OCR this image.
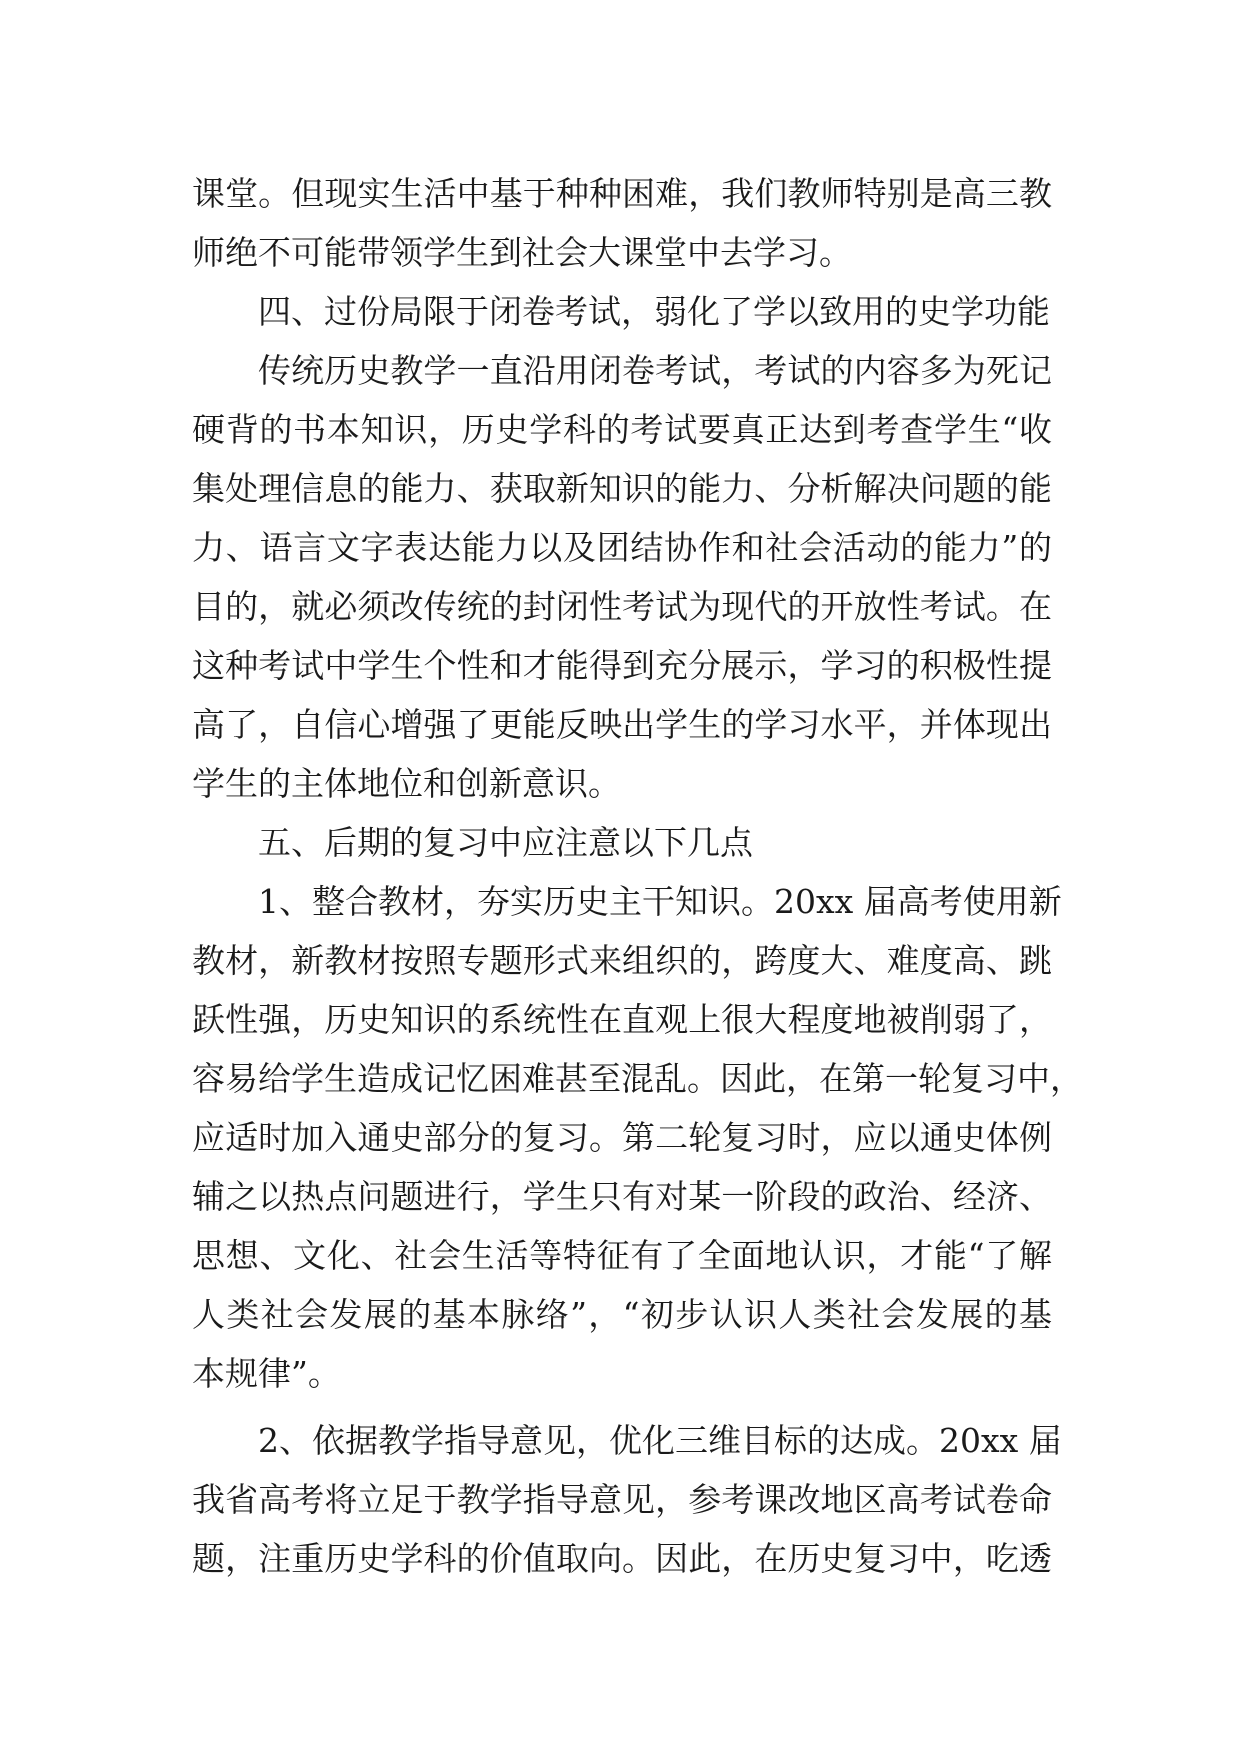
课堂。但现实生活中基于种种困难，我们教师特别是高三教
师绝不可能带领学生到社会大课堂中去学习。
四、过份局限于闭卷考试，弱化了学以致用的史学功能
传统历史教学一直沿用闭卷考试，考试的内容多为死记
硬背的书本知识，历史学科的考试要真正达到考查学生“收
集处理信息的能力、获取新知识的能力、分析解决问题的能
力、语言文字表达能力以及团结协作和社会活动的能力”的
目的，就必须改传统的封闭性考试为现代的开放性考试。在
这种考试中学生个性和才能得到充分展示，学习的积极性提
高了，自信心增强了更能反映出学生的学习水平，并体现出
学生的主体地位和创新意识。
五、后期的复习中应注意以下几点
1、整合教材，夯实历史主干知识。20xx 届高考使用新
教材，新教材按照专题形式来组织的，跨度大、难度高、跳
跃性强，历史知识的系统性在直观上很大程度地被削弱了，
容易给学生造成记忆困难甚至混乱。因此，在第一轮复习中，
应适时加入通史部分的复习。第二轮复习时，应以通史体例
辅之以热点问题进行，学生只有对某一阶段的政治、经济、
思想、文化、社会生活等特征有了全面地认识，才能“了解
人类社会发展的基本脉络”，“初步认识人类社会发展的基
本规律”。
2、依据教学指导意见，优化三维目标的达成。20xx 届
我省高考将立足于教学指导意见，参考课改地区高考试卷命
题，注重历史学科的价值取向。因此，在历史复习中，吃透
